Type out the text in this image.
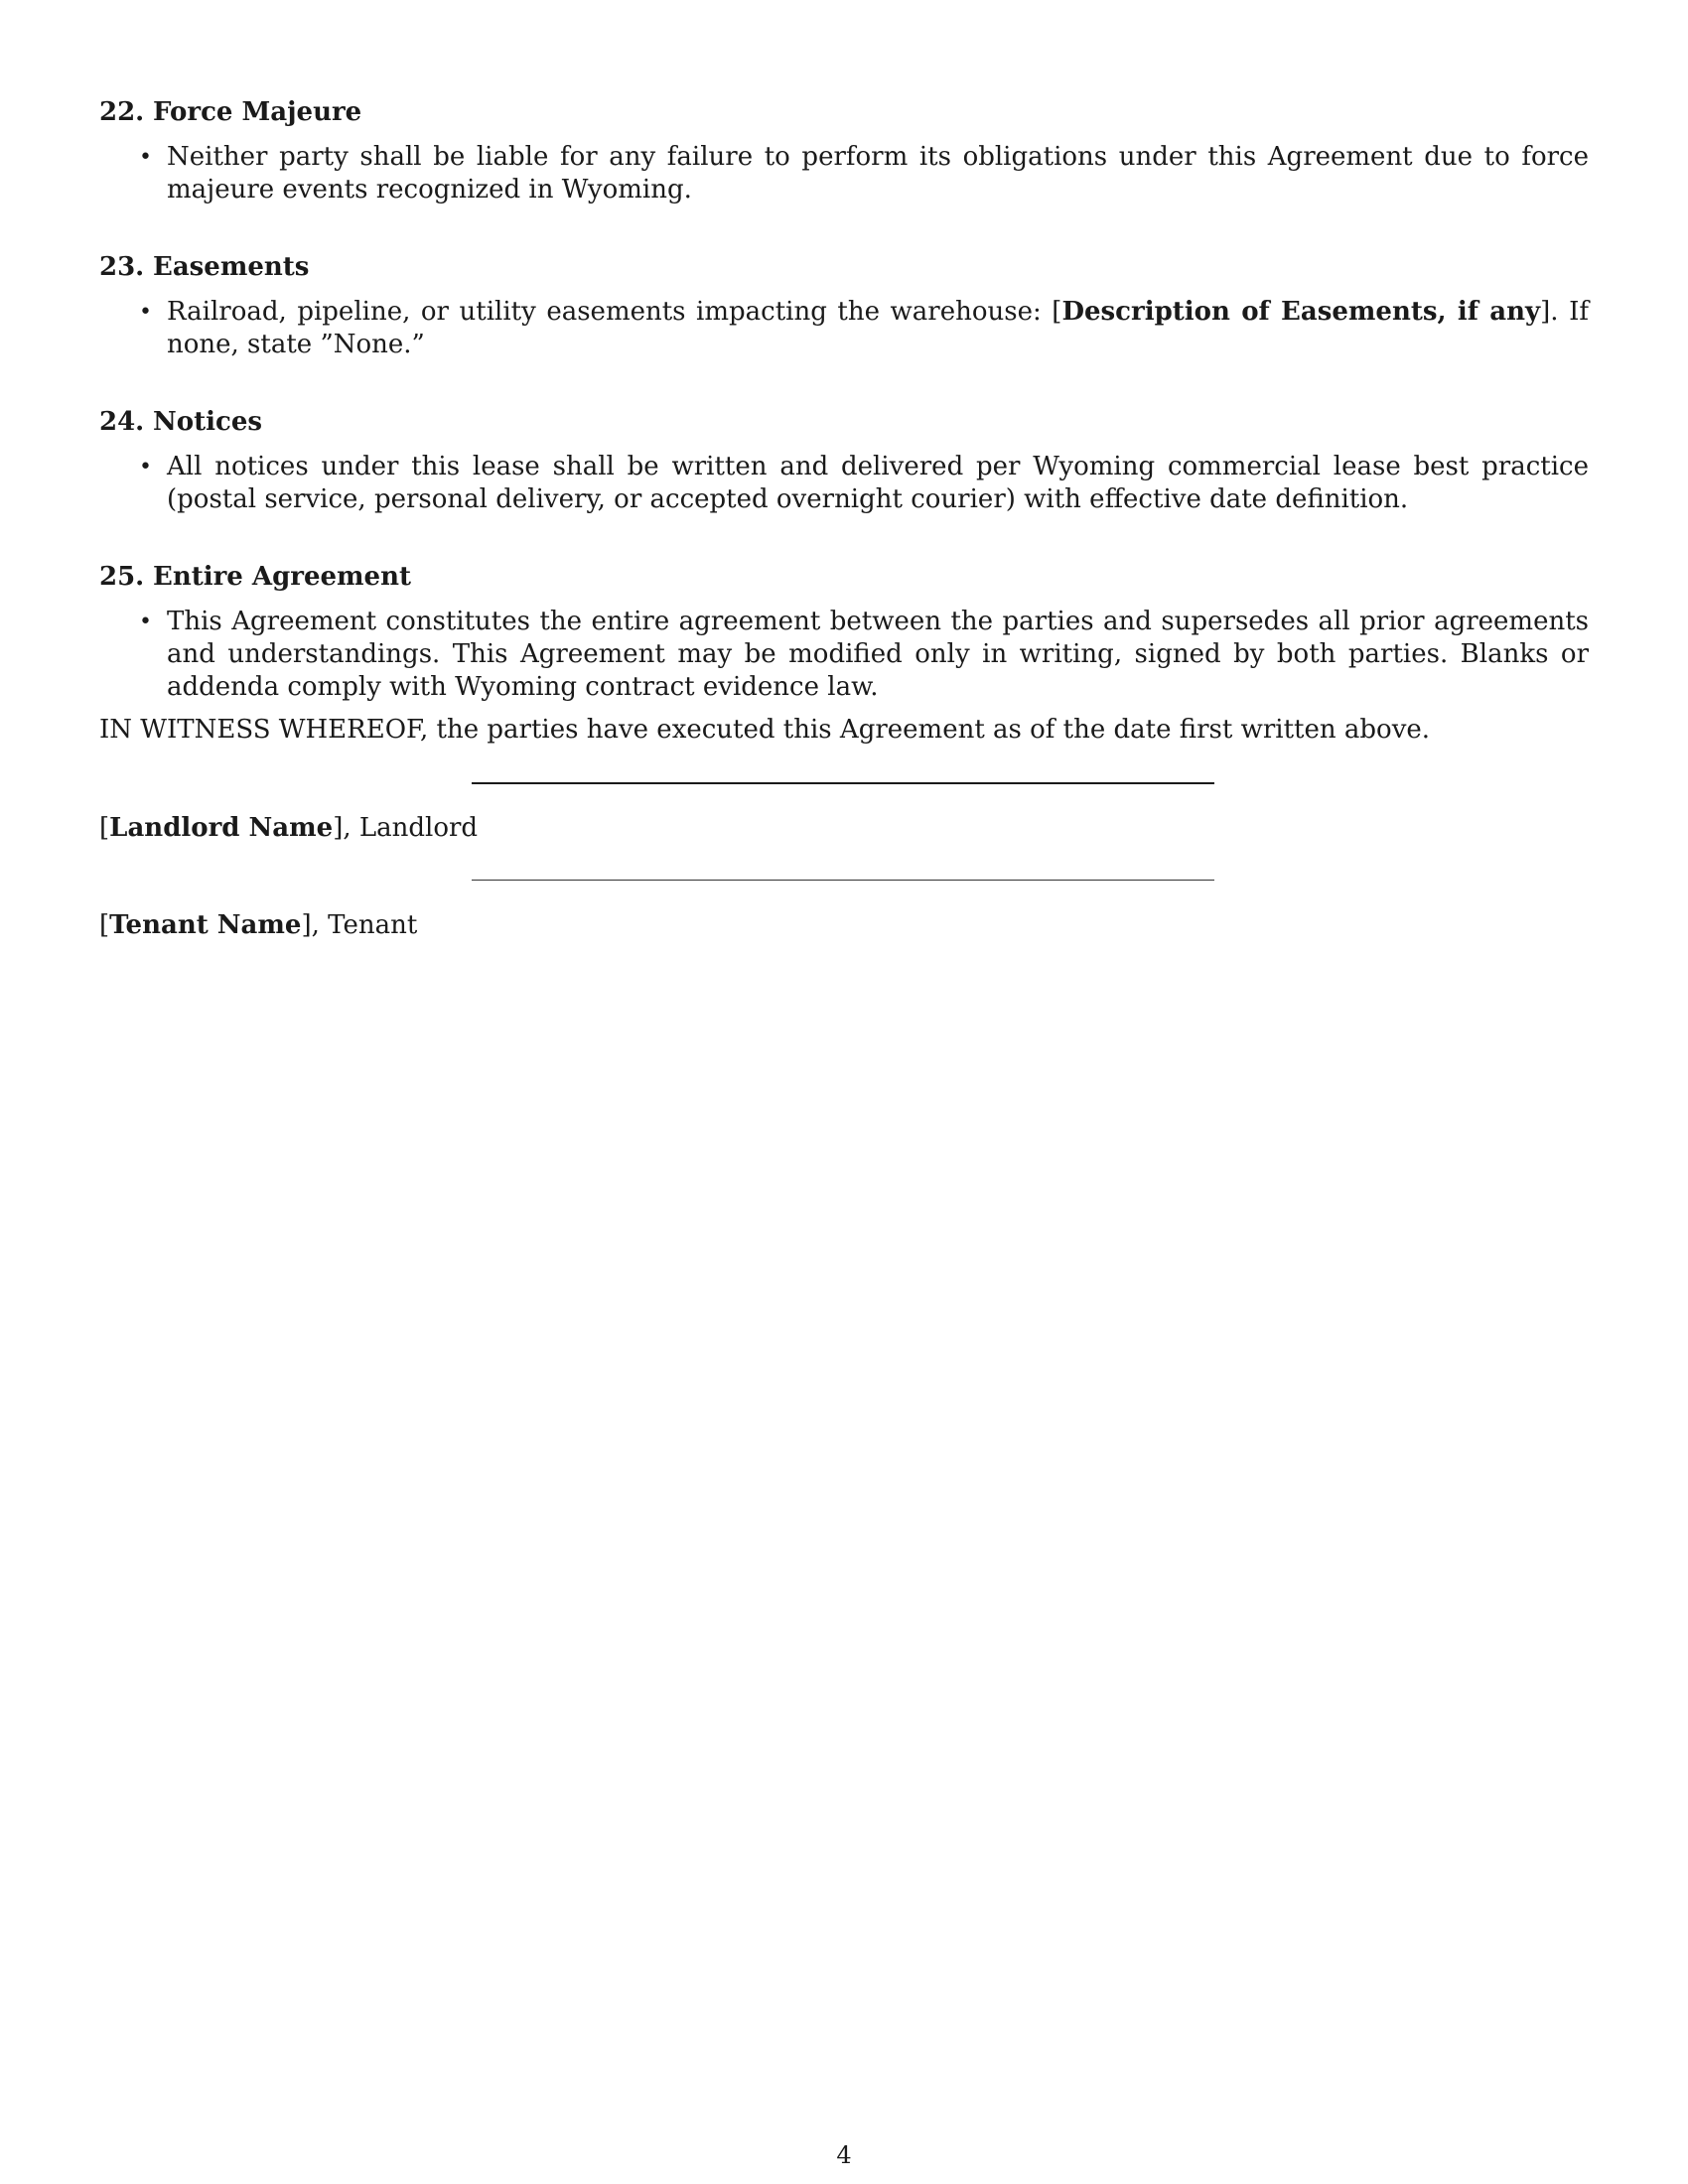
22. Force Majeure
• Neither party shall be liable for any failure to perform its obligations under this Agreement due to force majeure events recognized in Wyoming.
23. Easements
• Railroad, pipeline, or utility easements impacting the warehouse: [Description of Easements, if any]. If none, state ”None.”
24. Notices
• All notices under this lease shall be written and delivered per Wyoming commercial lease best practice (postal service, personal delivery, or accepted overnight courier) with effective date definition.
25. Entire Agreement
• This Agreement constitutes the entire agreement between the parties and supersedes all prior agreements and understandings. This Agreement may be modified only in writing, signed by both parties. Blanks or addenda comply with Wyoming contract evidence law.

IN WITNESS WHEREOF, the parties have executed this Agreement as of the date first written above.

[Landlord Name], Landlord
[Tenant Name], Tenant
4
